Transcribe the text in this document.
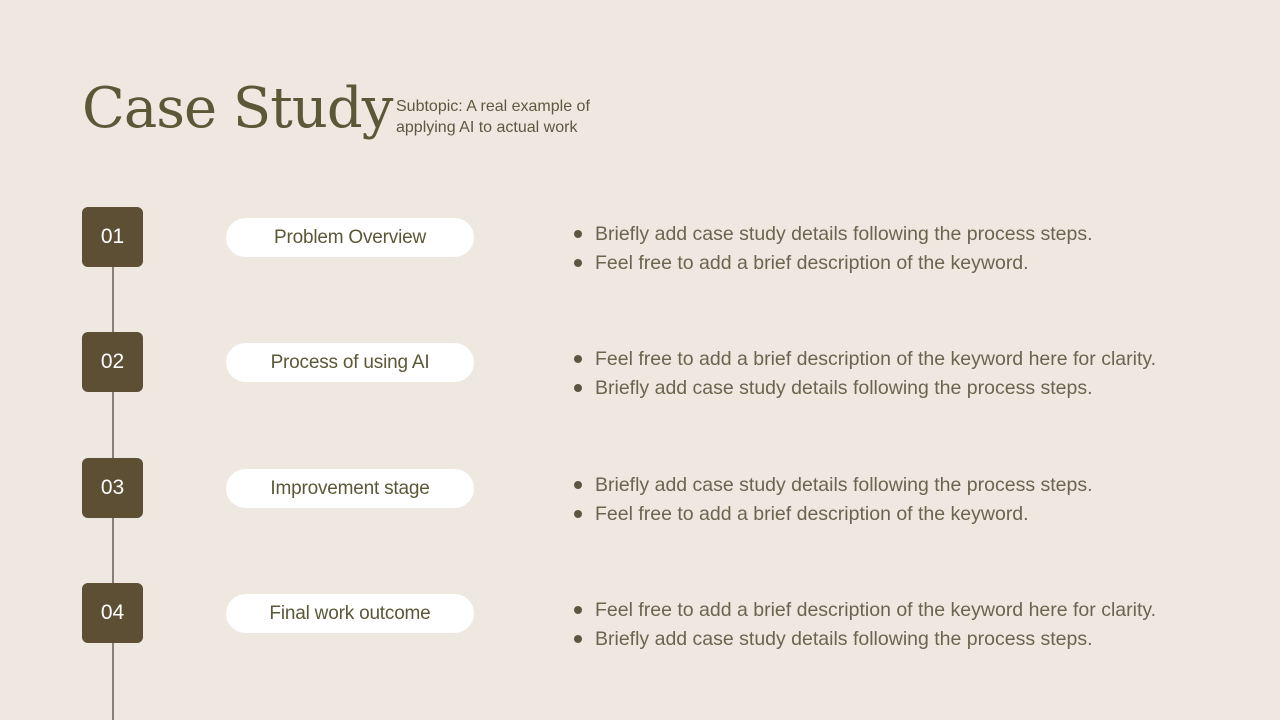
Case Study Subtopic: A real example of applying AI to actual work
01	Problem Overview	Briefly add case study details following the process steps.
Feel free to add a brief description of the keyword.
02	Process of using AI	Feel free to add a brief description of the keyword here for clarity.
Briefly add case study details following the process steps.
03	Improvement stage	Briefly add case study details following the process steps.
Feel free to add a brief description of the keyword.
04	Final work outcome	Feel free to add a brief description of the keyword here for clarity.
Briefly add case study details following the process steps.
